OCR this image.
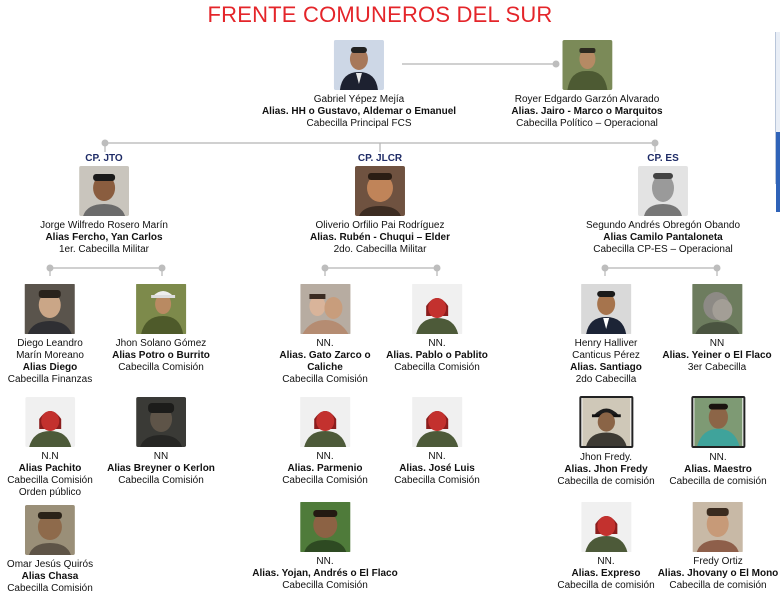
FRENTE COMUNEROS DEL SUR
Gabriel Yépez Mejía
Alias. HH o Gustavo, Aldemar o Emanuel
Cabecilla Principal FCS
Royer Edgardo Garzón Alvarado
Alias. Jairo - Marco o Marquitos
Cabecilla Político – Operacional
CP. JTO	CP. JLCR	CP. ES
Jorge Wilfredo Rosero Marín
Alias Fercho, Yan Carlos
1er. Cabecilla Militar
Oliverio Orfilio Pai Rodríguez
Alias. Rubén - Chuqui – Elder
2do. Cabecilla Militar
Segundo Andrés Obregón Obando
Alias Camilo Pantaloneta
Cabecilla CP-ES – Operacional
Diego Leandro
Marín Moreano
Alias Diego
Cabecilla Finanzas
Jhon Solano Gómez
Alias Potro o Burrito
Cabecilla Comisión
N.N
Alias Pachito
Cabecilla Comisión
Orden público
NN
Alias Breyner o Kerlon
Cabecilla Comisión
Omar Jesús Quirós
Alias Chasa
Cabecilla Comisión
NN.
Alias. Gato Zarco o
Caliche
Cabecilla Comisión
NN.
Alias. Pablo o Pablito
Cabecilla Comisión
NN.
Alias. Parmenio
Cabecilla Comisión
NN.
Alias. José Luis
Cabecilla Comisión
NN.
Alias. Yojan, Andrés o El Flaco
Cabecilla Comisión
Henry Halliver
Canticus Pérez
Alias. Santiago
2do Cabecilla
NN
Alias. Yeiner o El Flaco
3er Cabecilla
Jhon Fredy.
Alias. Jhon Fredy
Cabecilla de comisión
NN.
Alias. Maestro
Cabecilla de comisión
NN.
Alias. Expreso
Cabecilla de comisión
Fredy Ortiz
Alias. Jhovany o El Mono
Cabecilla de comisión
